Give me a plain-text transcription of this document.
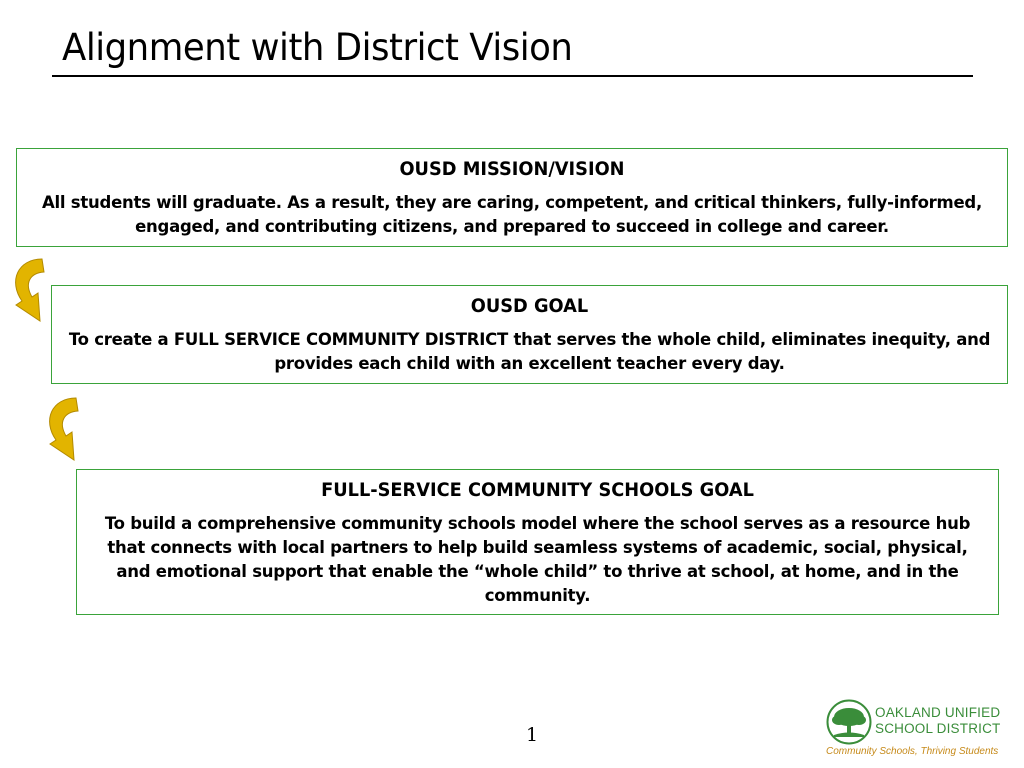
Alignment with District Vision
OUSD MISSION/VISION
All students will graduate. As a result, they are caring, competent, and critical thinkers, fully-informed, engaged, and contributing citizens, and prepared to succeed in college and career.
OUSD GOAL
To create a FULL SERVICE COMMUNITY DISTRICT that serves the whole child, eliminates inequity, and provides each child with an excellent teacher every day.
FULL-SERVICE COMMUNITY SCHOOLS GOAL
To build a comprehensive community schools model where the school serves as a resource hub that connects with local partners to help build seamless systems of academic, social, physical, and emotional support that enable the “whole child” to thrive at school, at home, and in the community.
1
OAKLAND UNIFIED
SCHOOL DISTRICT
Community Schools, Thriving Students
